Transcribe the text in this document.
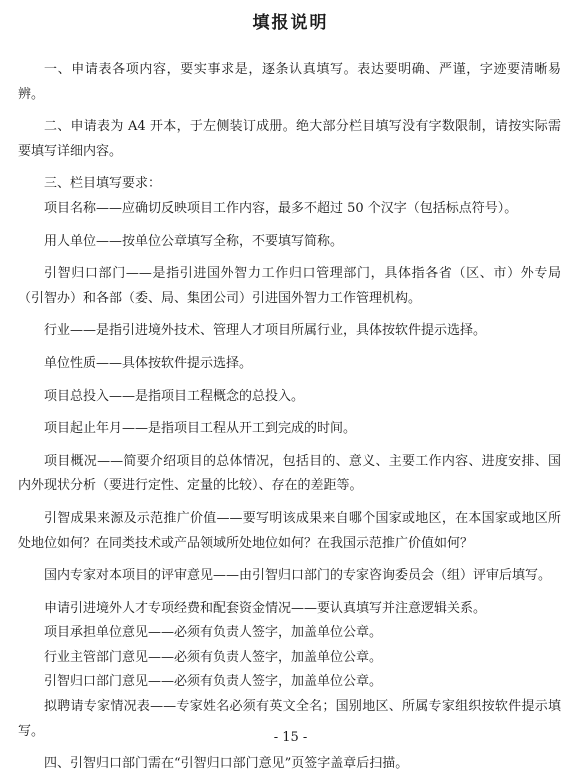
填报说明

一、申请表各项内容，要实事求是，逐条认真填写。表达要明确、严谨，字迹要清晰易辨。

二、申请表为 A4 开本，于左侧装订成册。绝大部分栏目填写没有字数限制，请按实际需要填写详细内容。

三、栏目填写要求：

项目名称——应确切反映项目工作内容，最多不超过 50 个汉字（包括标点符号）。

用人单位——按单位公章填写全称，不要填写简称。

引智归口部门——是指引进国外智力工作归口管理部门，具体指各省（区、市）外专局（引智办）和各部（委、局、集团公司）引进国外智力工作管理机构。

行业——是指引进境外技术、管理人才项目所属行业，具体按软件提示选择。

单位性质——具体按软件提示选择。

项目总投入——是指项目工程概念的总投入。

项目起止年月——是指项目工程从开工到完成的时间。

项目概况——简要介绍项目的总体情况，包括目的、意义、主要工作内容、进度安排、国内外现状分析（要进行定性、定量的比较）、存在的差距等。

引智成果来源及示范推广价值——要写明该成果来自哪个国家或地区，在本国家或地区所处地位如何？在同类技术或产品领域所处地位如何？在我国示范推广价值如何？

国内专家对本项目的评审意见——由引智归口部门的专家咨询委员会（组）评审后填写。

申请引进境外人才专项经费和配套资金情况——要认真填写并注意逻辑关系。

项目承担单位意见——必须有负责人签字，加盖单位公章。

行业主管部门意见——必须有负责人签字，加盖单位公章。

引智归口部门意见——必须有负责人签字，加盖单位公章。

拟聘请专家情况表——专家姓名必须有英文全名；国别地区、所属专家组织按软件提示填写。

四、引智归口部门需在“引智归口部门意见”页签字盖章后扫描。

- 15 -
